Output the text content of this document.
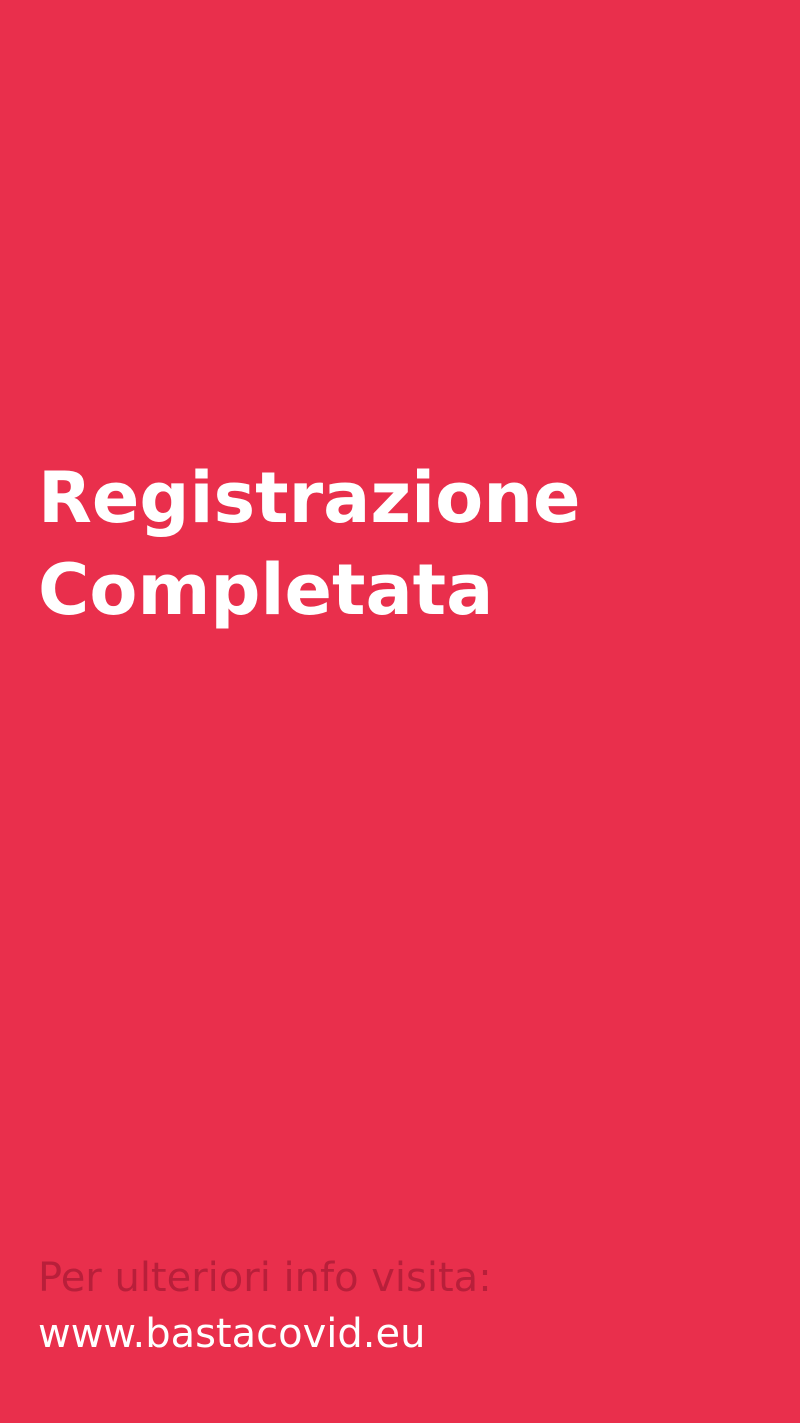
Registrazione
Completata
Per ulteriori info visita:
www.bastacovid.eu
